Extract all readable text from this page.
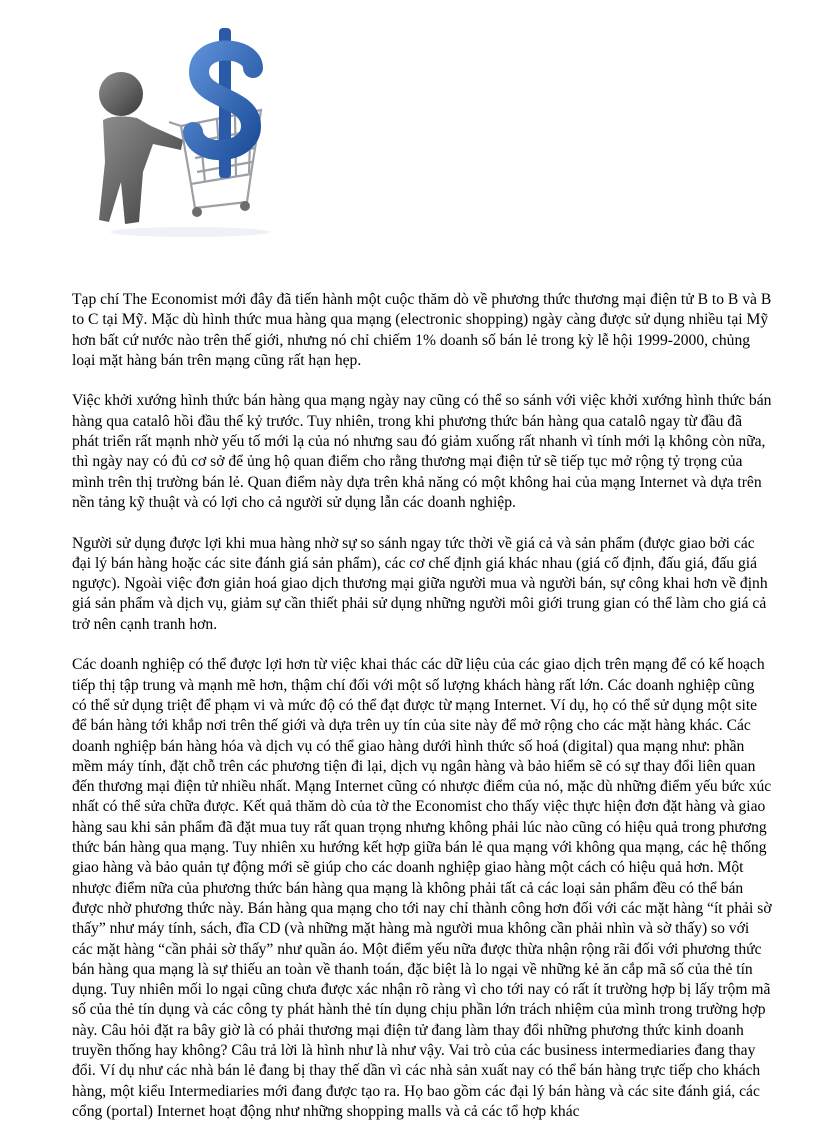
Tạp chí The Economist mới đây đã tiến hành một cuộc thăm dò về phương thức thương mại điện tử B to B và B to C tại Mỹ. Mặc dù hình thức mua hàng qua mạng (electronic shopping) ngày càng được sử dụng nhiều tại Mỹ hơn bất cứ nước nào trên thế giới, nhưng nó chỉ chiếm 1% doanh số bán lẻ trong kỳ lễ hội 1999-2000, chủng loại mặt hàng bán trên mạng cũng rất hạn hẹp.

Việc khởi xướng hình thức bán hàng qua mạng ngày nay cũng có thể so sánh với việc khởi xướng hình thức bán hàng qua catalô hồi đầu thế kỷ trước. Tuy nhiên, trong khi phương thức bán hàng qua catalô ngay từ đầu đã phát triển rất mạnh nhờ yếu tố mới lạ của nó nhưng sau đó giảm xuống rất nhanh vì tính mới lạ không còn nữa, thì ngày nay có đủ cơ sở để ủng hộ quan điểm cho rằng thương mại điện tử sẽ tiếp tục mở rộng tỷ trọng của mình trên thị trường bán lẻ. Quan điểm này dựa trên khả năng có một không hai của mạng Internet và dựa trên nền tảng kỹ thuật và có lợi cho cả người sử dụng lẫn các doanh nghiệp.

Người sử dụng được lợi khi mua hàng nhờ sự so sánh ngay tức thời về giá cả và sản phẩm (được giao bởi các đại lý bán hàng hoặc các site đánh giá sản phẩm), các cơ chế định giá khác nhau (giá cố định, đấu giá, đấu giá ngược). Ngoài việc đơn giản hoá giao dịch thương mại giữa người mua và người bán, sự công khai hơn về định giá sản phẩm và dịch vụ, giảm sự cần thiết phải sử dụng những người môi giới trung gian có thể làm cho giá cả trở nên cạnh tranh hơn.

Các doanh nghiệp có thể được lợi hơn từ việc khai thác các dữ liệu của các giao dịch trên mạng để có kế hoạch tiếp thị tập trung và mạnh mẽ hơn, thậm chí đối với một số lượng khách hàng rất lớn. Các doanh nghiệp cũng có thể sử dụng triệt để phạm vi và mức độ có thể đạt được từ mạng Internet. Ví dụ, họ có thể sử dụng một site để bán hàng tới khắp nơi trên thế giới và dựa trên uy tín của site này để mở rộng cho các mặt hàng khác. Các doanh nghiệp bán hàng hóa và dịch vụ có thể giao hàng dưới hình thức số hoá (digital) qua mạng như: phần mềm máy tính, đặt chỗ trên các phương tiện đi lại, dịch vụ ngân hàng và bảo hiểm sẽ có sự thay đổi liên quan đến thương mại điện tử nhiều nhất. Mạng Internet cũng có nhược điểm của nó, mặc dù những điểm yếu bức xúc nhất có thể sửa chữa được. Kết quả thăm dò của tờ the Economist cho thấy việc thực hiện đơn đặt hàng và giao hàng sau khi sản phẩm đã đặt mua tuy rất quan trọng nhưng không phải lúc nào cũng có hiệu quả trong phương thức bán hàng qua mạng. Tuy nhiên xu hướng kết hợp giữa bán lẻ qua mạng với không qua mạng, các hệ thống giao hàng và bảo quản tự động mới sẽ giúp cho các doanh nghiệp giao hàng một cách có hiệu quả hơn. Một nhược điểm nữa của phương thức bán hàng qua mạng là không phải tất cả các loại sản phẩm đều có thể bán được nhờ phương thức này. Bán hàng qua mạng cho tới nay chỉ thành công hơn đối với các mặt hàng “ít phải sờ thấy” như máy tính, sách, đĩa CD (và những mặt hàng mà người mua không cần phải nhìn và sờ thấy) so với các mặt hàng “cần phải sờ thấy” như quần áo. Một điểm yếu nữa được thừa nhận rộng rãi đối với phương thức bán hàng qua mạng là sự thiếu an toàn về thanh toán, đặc biệt là lo ngại về những kẻ ăn cắp mã số của thẻ tín dụng. Tuy nhiên mối lo ngại cũng chưa được xác nhận rõ ràng vì cho tới nay có rất ít trường hợp bị lấy trộm mã số của thẻ tín dụng và các công ty phát hành thẻ tín dụng chịu phần lớn trách nhiệm của mình trong trường hợp này. Câu hỏi đặt ra bây giờ là có phải thương mại điện tử đang làm thay đổi những phương thức kinh doanh truyền thống hay không? Câu trả lời là hình như là như vậy. Vai trò của các business intermediaries đang thay đổi. Ví dụ như các nhà bán lẻ đang bị thay thế dần vì các nhà sản xuất nay có thể bán hàng trực tiếp cho khách hàng, một kiểu Intermediaries mới đang được tạo ra. Họ bao gồm các đại lý bán hàng và các site đánh giá, các cổng (portal) Internet hoạt động như những shopping malls và cả các tổ hợp khác
